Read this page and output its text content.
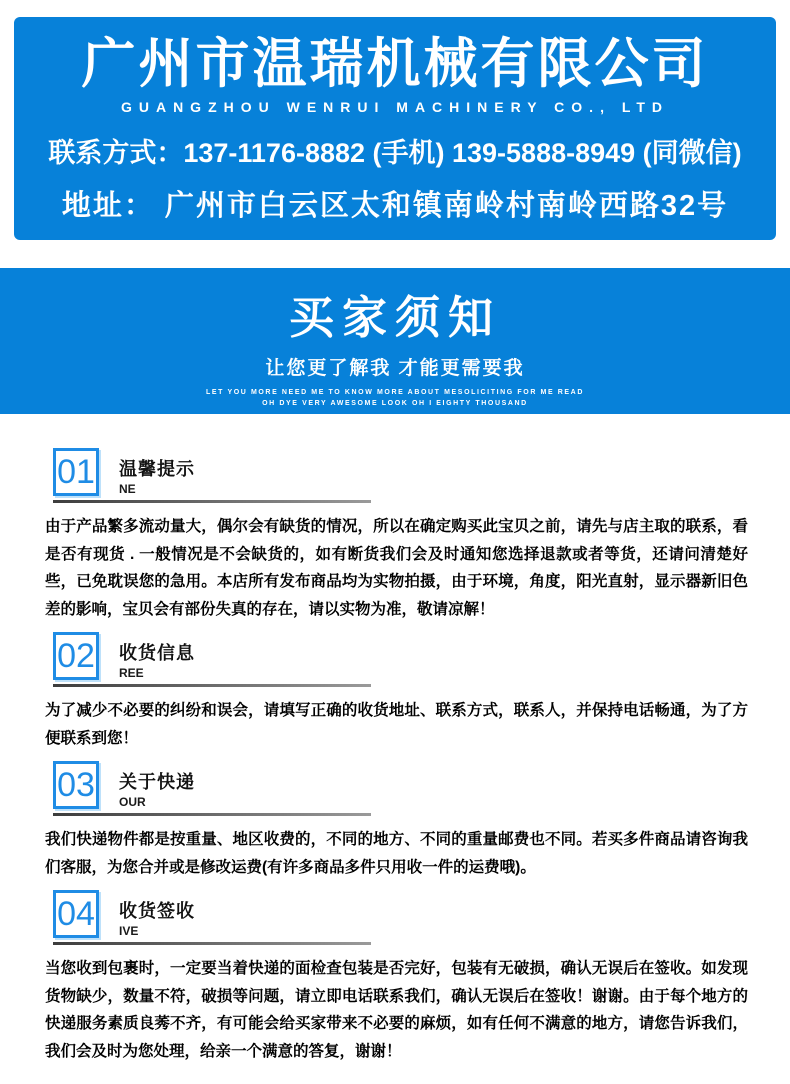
广州市温瑞机械有限公司
GUANGZHOU WENRUI MACHINERY CO., LTD
联系方式：137-1176-8882 (手机) 139-5888-8949 (同微信)
地址： 广州市白云区太和镇南岭村南岭西路32号
买家须知
让您更了解我 才能更需要我
LET YOU MORE NEED ME TO KNOW MORE ABOUT MESOLICITING FOR ME READ
OH DYE VERY AWESOME LOOK OH I EIGHTY THOUSAND
01 温馨提示
NE
由于产品繁多流动量大，偶尔会有缺货的情况，所以在确定购买此宝贝之前，请先与店主取的联系，看是否有现货 . 一般情况是不会缺货的，如有断货我们会及时通知您选择退款或者等货，还请问清楚好些，已免耽误您的急用。本店所有发布商品均为实物拍摄，由于环境，角度，阳光直射，显示器新旧色差的影响，宝贝会有部份失真的存在，请以实物为准，敬请凉解！
02 收货信息
REE
为了减少不必要的纠纷和误会，请填写正确的收货地址、联系方式，联系人，并保持电话畅通，为了方便联系到您！
03 关于快递
OUR
我们快递物件都是按重量、地区收费的，不同的地方、不同的重量邮费也不同。若买多件商品请咨询我们客服，为您合并或是修改运费(有许多商品多件只用收一件的运费哦)。
04 收货签收
IVE
当您收到包裹时，一定要当着快递的面检查包装是否完好，包装有无破损，确认无误后在签收。如发现货物缺少，数量不符，破损等问题，请立即电话联系我们，确认无误后在签收！谢谢。由于每个地方的快递服务素质良莠不齐，有可能会给买家带来不必要的麻烦，如有任何不满意的地方，请您告诉我们，我们会及时为您处理，给亲一个满意的答复，谢谢！
